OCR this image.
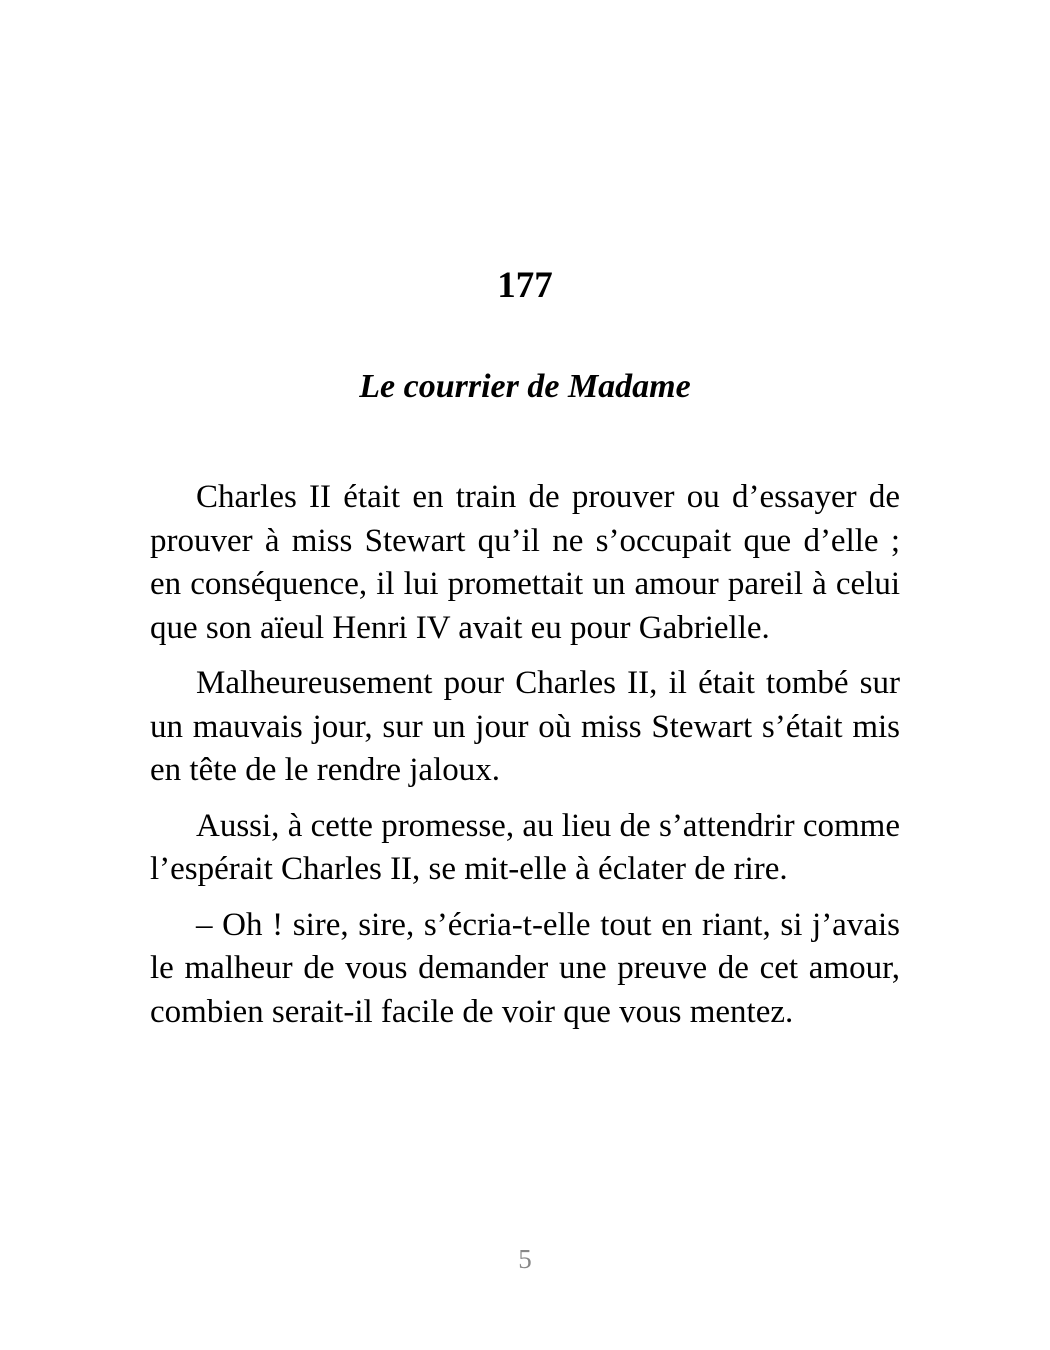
177
Le courrier de Madame

Charles II était en train de prouver ou d’essayer de prouver à miss Stewart qu’il ne s’occupait que d’elle ; en conséquence, il lui promettait un amour pareil à celui que son aïeul Henri IV avait eu pour Gabrielle.

Malheureusement pour Charles II, il était tombé sur un mauvais jour, sur un jour où miss Stewart s’était mis en tête de le rendre jaloux.

Aussi, à cette promesse, au lieu de s’attendrir comme l’espérait Charles II, se mit-elle à éclater de rire.

– Oh ! sire, sire, s’écria-t-elle tout en riant, si j’avais le malheur de vous demander une preuve de cet amour, combien serait-il facile de voir que vous mentez.

5
